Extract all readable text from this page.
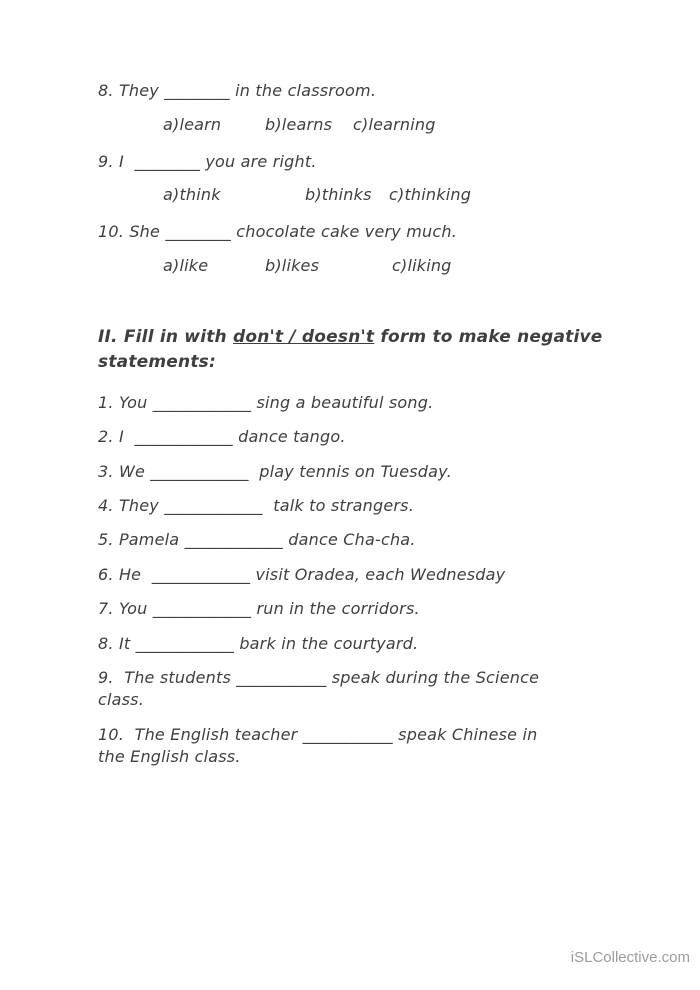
8. They ________ in the classroom.

a)learn	b)learns	c)learning

9. I  ________ you are right.

a)think	b)thinks	c)thinking

10. She ________ chocolate cake very much.

a)like	b)likes	c)liking

II. Fill in with don't / doesn't form to make negative statements:

1. You ____________ sing a beautiful song.

2. I  ____________ dance tango.

3. We ____________  play tennis on Tuesday.

4. They ____________  talk to strangers.

5. Pamela ____________ dance Cha-cha.

6. He  ____________ visit Oradea, each Wednesday

7. You ____________ run in the corridors.

8. It ____________ bark in the courtyard.

9.  The students ___________ speak during the Science
class.

10.  The English teacher ___________ speak Chinese in
the English class.

iSLCollective.com
